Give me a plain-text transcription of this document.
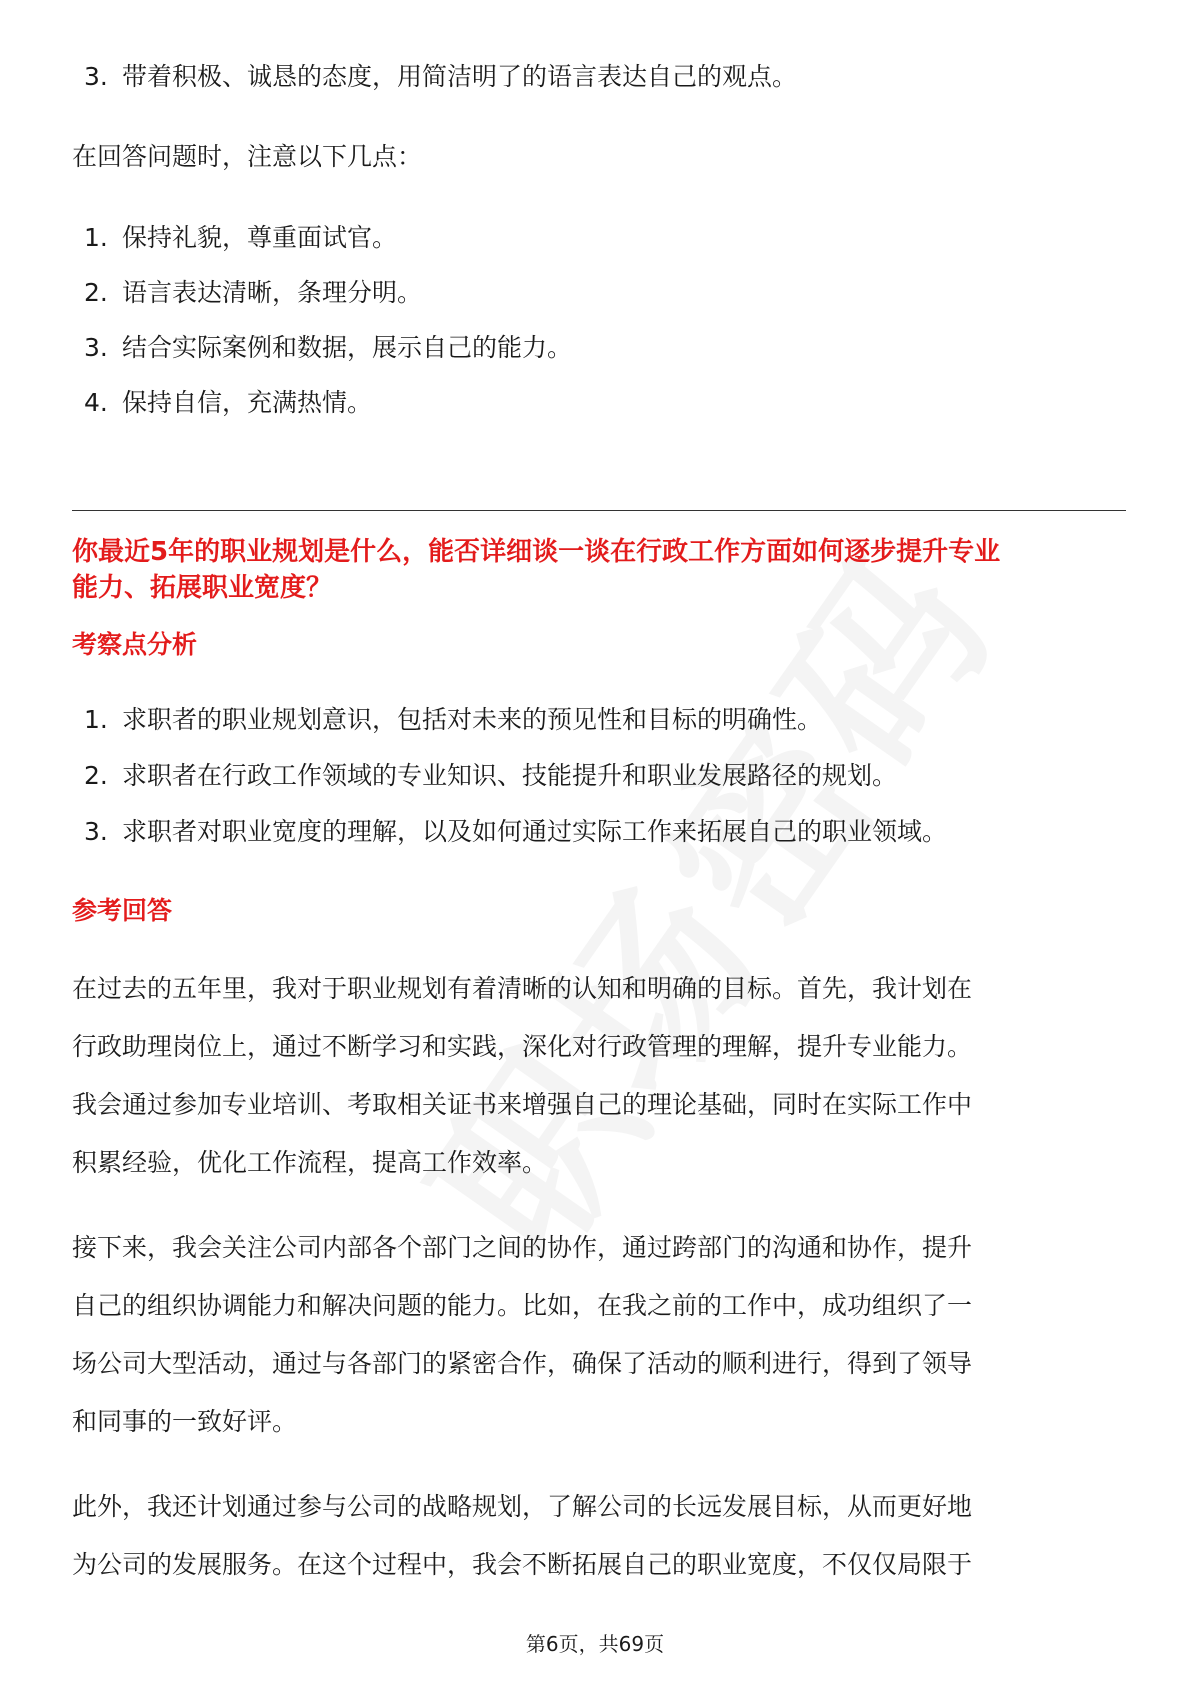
3. 带着积极、诚恳的态度，用简洁明了的语言表达自己的观点。
在回答问题时，注意以下几点：
1. 保持礼貌，尊重面试官。
2. 语言表达清晰，条理分明。
3. 结合实际案例和数据，展示自己的能力。
4. 保持自信，充满热情。
你最近5年的职业规划是什么，能否详细谈一谈在行政工作方面如何逐步提升专业
能力、拓展职业宽度？
考察点分析
1. 求职者的职业规划意识，包括对未来的预见性和目标的明确性。
2. 求职者在行政工作领域的专业知识、技能提升和职业发展路径的规划。
3. 求职者对职业宽度的理解，以及如何通过实际工作来拓展自己的职业领域。
参考回答
在过去的五年里，我对于职业规划有着清晰的认知和明确的目标。首先，我计划在
行政助理岗位上，通过不断学习和实践，深化对行政管理的理解，提升专业能力。
我会通过参加专业培训、考取相关证书来增强自己的理论基础，同时在实际工作中
积累经验，优化工作流程，提高工作效率。
接下来，我会关注公司内部各个部门之间的协作，通过跨部门的沟通和协作，提升
自己的组织协调能力和解决问题的能力。比如，在我之前的工作中，成功组织了一
场公司大型活动，通过与各部门的紧密合作，确保了活动的顺利进行，得到了领导
和同事的一致好评。
此外，我还计划通过参与公司的战略规划，了解公司的长远发展目标，从而更好地
为公司的发展服务。在这个过程中，我会不断拓展自己的职业宽度，不仅仅局限于
第6页，共69页
